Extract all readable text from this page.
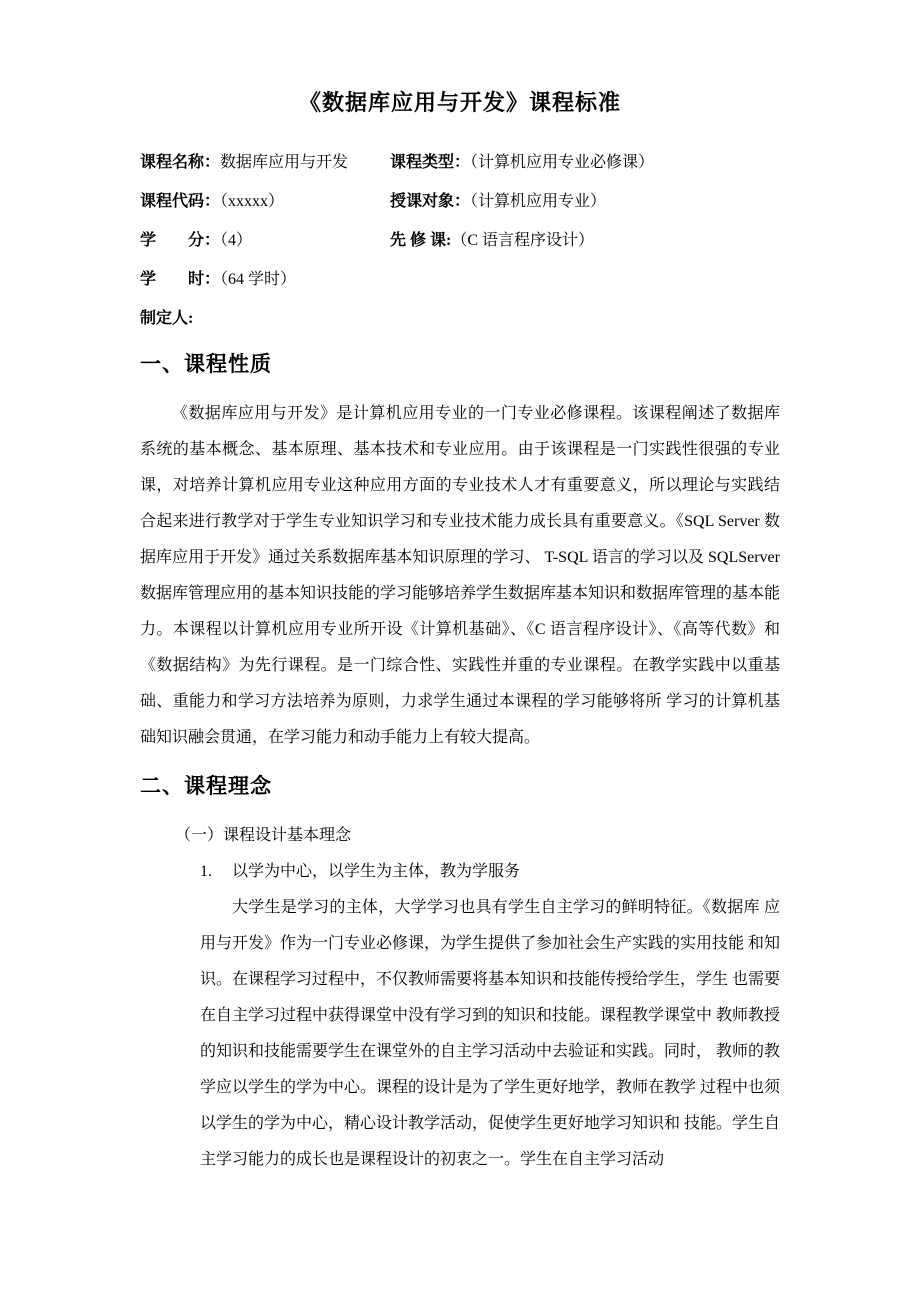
《数据库应用与开发》课程标准
课程名称：数据库应用与开发	课程类型：（计算机应用专业必修课）
课程代码：（xxxxx）	授课对象：（计算机应用专业）
学　　分：（4）	先 修 课:（C 语言程序设计）
学　　时：（64 学时）
制定人:
一、课程性质

《数据库应用与开发》是计算机应用专业的一门专业必修课程。该课程阐述了数据库 系统的基本概念、基本原理、基本技术和专业应用。由于该课程是一门实践性很强的专业 课，对培养计算机应用专业这种应用方面的专业技术人才有重要意义，所以理论与实践结 合起来进行教学对于学生专业知识学习和专业技术能力成长具有重要意义。《SQL Server 数据库应用于开发》通过关系数据库基本知识原理的学习、 T-SQL 语言的学习以及 SQLServer 数据库管理应用的基本知识技能的学习能够培养学生数据库基本知识和数据库管理的基本能力。本课程以计算机应用专业所开设《计算机基础》、《C 语言程序设计》、《高等代数》和《数据结构》为先行课程。是一门综合性、实践性并重的专业课程。在教学实践中以重基础、重能力和学习方法培养为原则，力求学生通过本课程的学习能够将所 学习的计算机基础知识融会贯通，在学习能力和动手能力上有较大提高。

二、课程理念

（一）课程设计基本理念

1.　 以学为中心，以学生为主体，教为学服务

大学生是学习的主体，大学学习也具有学生自主学习的鲜明特征。《数据库 应用与开发》作为一门专业必修课，为学生提供了参加社会生产实践的实用技能 和知识。在课程学习过程中，不仅教师需要将基本知识和技能传授给学生，学生 也需要在自主学习过程中获得课堂中没有学习到的知识和技能。课程教学课堂中 教师教授的知识和技能需要学生在课堂外的自主学习活动中去验证和实践。同时， 教师的教学应以学生的学为中心。课程的设计是为了学生更好地学，教师在教学 过程中也须以学生的学为中心，精心设计教学活动，促使学生更好地学习知识和 技能。学生自主学习能力的成长也是课程设计的初衷之一。学生在自主学习活动
